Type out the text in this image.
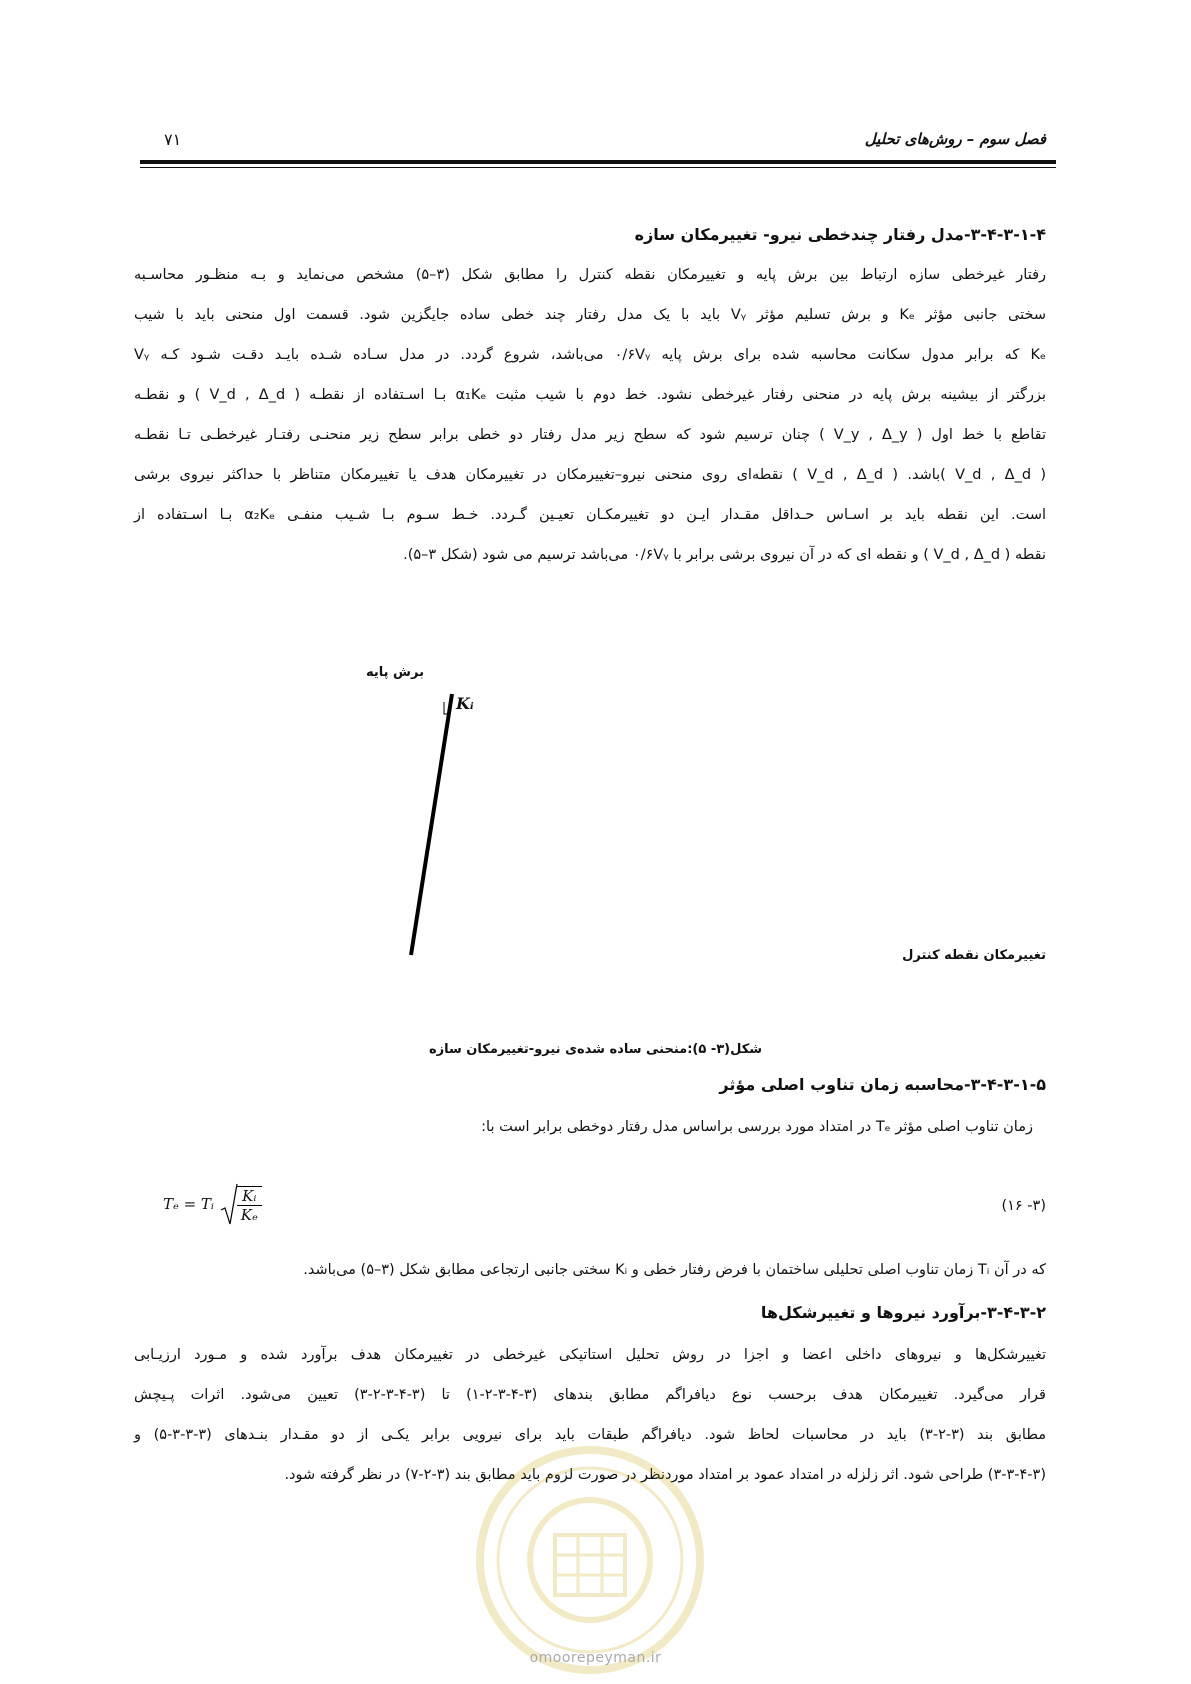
فصل سوم – روش‌های تحلیل
۷۱
۳-۴-۳-۱-۴-مدل رفتار چندخطی نیرو- تغییرمکان سازه
رفتار غیرخطی سازه ارتباط بین برش پایه و تغییرمکان نقطه کنترل را مطابق شکل (۳–۵) مشخص می‌نماید و بـه منظـور محاسـبه
سختی جانبی مؤثر Kₑ و برش تسلیم مؤثر Vᵧ باید با یک مدل رفتار چند خطی ساده جایگزین شود. قسمت اول منحنی باید با شیب
Kₑ که برابر مدول سکانت محاسبه شده برای برش پایه ۰/۶Vᵧ می‌باشد، شروع گردد. در مدل سـاده شـده بایـد دقـت شـود کـه Vᵧ
بزرگتر از بیشینه برش پایه در منحنی رفتار غیرخطی نشود. خط دوم با شیب مثبت α₁Kₑ بـا اسـتفاده از نقطـه ( V_d , Δ_d ) و نقطـه
تقاطع با خط اول ( V_y , Δ_y ) چنان ترسیم شود که سطح زیر مدل رفتار دو خطی برابر سطح زیر منحنـی رفتـار غیرخطـی تـا نقطـه
( V_d , Δ_d )باشد. ( V_d , Δ_d ) نقطه‌ای روی منحنی نیرو–تغییرمکان در تغییرمکان هدف یا تغییرمکان متناظر با حداکثر نیروی برشی
است. این نقطه باید بر اسـاس حـداقل مقـدار ایـن دو تغییرمکـان تعیـین گـردد. خـط سـوم بـا شـیب منفـی α₂Kₑ بـا اسـتفاده از
نقطه ( V_d , Δ_d ) و نقطه ای که در آن نیروی برشی برابر با ۰/۶Vᵧ می‌باشد ترسیم می شود (شکل ۳–۵).
برش پایه
Kᵢ
تغییرمکان نقطه کنترل
شکل(۳- ۵):منحنی ساده شده‌ی نیرو-تغییرمکان سازه
۳-۴-۳-۱-۵-محاسبه زمان تناوب اصلی مؤثر
زمان تناوب اصلی مؤثر Tₑ در امتداد مورد بررسی براساس مدل رفتار دوخطی برابر است با:
Tₑ = Tᵢ $\frac{\text{Kᵢ}}{\text{Kₑ}}$	(۳- ۱۶)
که در آن Tᵢ زمان تناوب اصلی تحلیلی ساختمان با فرض رفتار خطی و Kᵢ سختی جانبی ارتجاعی مطابق شکل (۳–۵) می‌باشد.
۳-۴-۳-۲-برآورد نیروها و تغییرشکل‌ها
تغییرشکل‌ها و نیروهای داخلی اعضا و اجزا در روش تحلیل استاتیکی غیرخطی در تغییرمکان هدف برآورد شده و مـورد ارزیـابی
قرار می‌گیرد. تغییرمکان هدف برحسب نوع دیافراگم مطابق بندهای (۳-۴-۳-۲-۱) تا (۳-۴-۳-۲-۳) تعیین می‌شود. اثرات پـیچش
مطابق بند (۳-۲-۳) باید در محاسبات لحاظ شود. دیافراگم طبقات باید برای نیرویی برابر یکـی از دو مقـدار بنـدهای (۳-۳-۳-۵) و
(۳-۳-۴-۳) طراحی شود. اثر زلزله در امتداد عمود بر امتداد موردنظر در صورت لزوم باید مطابق بند (۳-۲-۷) در نظر گرفته شود.
omoorepeyman.ir
